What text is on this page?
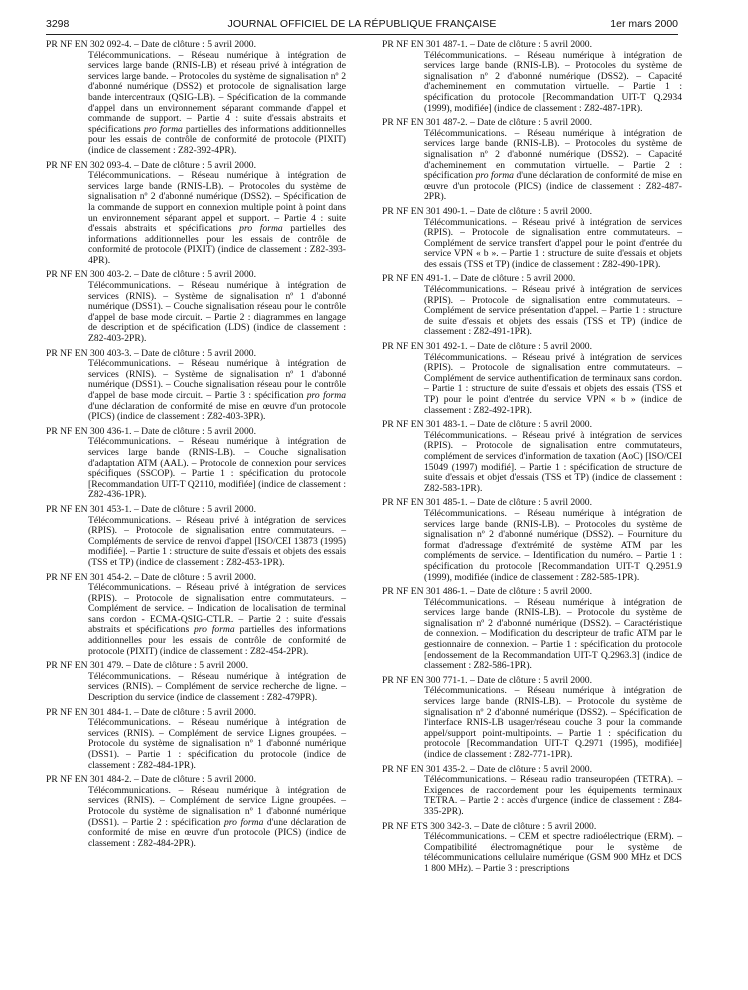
3298	JOURNAL OFFICIEL DE LA RÉPUBLIQUE FRANÇAISE	1er mars 2000
PR NF EN 302 092-4. – Date de clôture : 5 avril 2000.
Télécommunications. – Réseau numérique à intégration de services large bande (RNIS-LB) et réseau privé à intégration de services large bande. – Protocoles du système de signalisation nº 2 d'abonné numérique (DSS2) et protocole de signalisation large bande intercentraux (QSIG-LB). – Spécification de la commande d'appel dans un environnement séparant commande d'appel et commande de support. – Partie 4 : suite d'essais abstraits et spécifications pro forma partielles des informations additionnelles pour les essais de contrôle de conformité de protocole (PIXIT) (indice de classement : Z82-392-4PR).
PR NF EN 302 093-4. – Date de clôture : 5 avril 2000.
Télécommunications. – Réseau numérique à intégration de services large bande (RNIS-LB). – Protocoles du système de signalisation nº 2 d'abonné numérique (DSS2). – Spécification de la commande de support en connexion multiple point à point dans un environnement séparant appel et support. – Partie 4 : suite d'essais abstraits et spécifications pro forma partielles des informations additionnelles pour les essais de contrôle de conformité de protocole (PIXIT) (indice de classement : Z82-393-4PR).
PR NF EN 300 403-2. – Date de clôture : 5 avril 2000.
Télécommunications. – Réseau numérique à intégration de services (RNIS). – Système de signalisation nº 1 d'abonné numérique (DSS1). – Couche signalisation réseau pour le contrôle d'appel de base mode circuit. – Partie 2 : diagrammes en langage de description et de spécification (LDS) (indice de classement : Z82-403-2PR).
PR NF EN 300 403-3. – Date de clôture : 5 avril 2000.
Télécommunications. – Réseau numérique à intégration de services (RNIS). – Système de signalisation nº 1 d'abonné numérique (DSS1). – Couche signalisation réseau pour le contrôle d'appel de base mode circuit. – Partie 3 : spécification pro forma d'une déclaration de conformité de mise en œuvre d'un protocole (PICS) (indice de classement : Z82-403-3PR).
PR NF EN 300 436-1. – Date de clôture : 5 avril 2000.
Télécommunications. – Réseau numérique à intégration de services large bande (RNIS-LB). – Couche signalisation d'adaptation ATM (AAL). – Protocole de connexion pour services spécifiques (SSCOP). – Partie 1 : spécification du protocole [Recommandation UIT-T Q2110, modifiée] (indice de classement : Z82-436-1PR).
PR NF EN 301 453-1. – Date de clôture : 5 avril 2000.
Télécommunications. – Réseau privé à intégration de services (RPIS). – Protocole de signalisation entre commutateurs. – Compléments de service de renvoi d'appel [ISO/CEI 13873 (1995) modifiée]. – Partie 1 : structure de suite d'essais et objets des essais (TSS et TP) (indice de classement : Z82-453-1PR).
PR NF EN 301 454-2. – Date de clôture : 5 avril 2000.
Télécommunications. – Réseau privé à intégration de services (RPIS). – Protocole de signalisation entre commutateurs. – Complément de service. – Indication de localisation de terminal sans cordon - ECMA-QSIG-CTLR. – Partie 2 : suite d'essais abstraits et spécifications pro forma partielles des informations additionnelles pour les essais de contrôle de conformité de protocole (PIXIT) (indice de classement : Z82-454-2PR).
PR NF EN 301 479. – Date de clôture : 5 avril 2000.
Télécommunications. – Réseau numérique à intégration de services (RNIS). – Complément de service recherche de ligne. – Description du service (indice de classement : Z82-479PR).
PR NF EN 301 484-1. – Date de clôture : 5 avril 2000.
Télécommunications. – Réseau numérique à intégration de services (RNIS). – Complément de service Lignes groupées. – Protocole du système de signalisation nº 1 d'abonné numérique (DSS1). – Partie 1 : spécification du protocole (indice de classement : Z82-484-1PR).
PR NF EN 301 484-2. – Date de clôture : 5 avril 2000.
Télécommunications. – Réseau numérique à intégration de services (RNIS). – Complément de service Ligne groupées. – Protocole du système de signalisation nº 1 d'abonné numérique (DSS1). – Partie 2 : spécification pro forma d'une déclaration de conformité de mise en œuvre d'un protocole (PICS) (indice de classement : Z82-484-2PR).
PR NF EN 301 487-1. – Date de clôture : 5 avril 2000.
Télécommunications. – Réseau numérique à intégration de services large bande (RNIS-LB). – Protocoles du système de signalisation nº 2 d'abonné numérique (DSS2). – Capacité d'acheminement en commutation virtuelle. – Partie 1 : spécification du protocole [Recommandation UIT-T Q.2934 (1999), modifiée] (indice de classement : Z82-487-1PR).
PR NF EN 301 487-2. – Date de clôture : 5 avril 2000.
Télécommunications. – Réseau numérique à intégration de services large bande (RNIS-LB). – Protocoles du système de signalisation nº 2 d'abonné numérique (DSS2). – Capacité d'acheminement en commutation virtuelle. – Partie 2 : spécification pro forma d'une déclaration de conformité de mise en œuvre d'un protocole (PICS) (indice de classement : Z82-487-2PR).
PR NF EN 301 490-1. – Date de clôture : 5 avril 2000.
Télécommunications. – Réseau privé à intégration de services (RPIS). – Protocole de signalisation entre commutateurs. – Complément de service transfert d'appel pour le point d'entrée du service VPN « b ». – Partie 1 : structure de suite d'essais et objets des essais (TSS et TP) (indice de classement : Z82-490-1PR).
PR NF EN 491-1. – Date de clôture : 5 avril 2000.
Télécommunications. – Réseau privé à intégration de services (RPIS). – Protocole de signalisation entre commutateurs. – Complément de service présentation d'appel. – Partie 1 : structure de suite d'essais et objets des essais (TSS et TP) (indice de classement : Z82-491-1PR).
PR NF EN 301 492-1. – Date de clôture : 5 avril 2000.
Télécommunications. – Réseau privé à intégration de services (RPIS). – Protocole de signalisation entre commutateurs. – Complément de service authentification de terminaux sans cordon. – Partie 1 : structure de suite d'essais et objets des essais (TSS et TP) pour le point d'entrée du service VPN « b » (indice de classement : Z82-492-1PR).
PR NF EN 301 483-1. – Date de clôture : 5 avril 2000.
Télécommunications. – Réseau privé à intégration de services (RPIS). – Protocole de signalisation entre commutateurs, complément de services d'information de taxation (AoC) [ISO/CEI 15049 (1997) modifié]. – Partie 1 : spécification de structure de suite d'essais et objet d'essais (TSS et TP) (indice de classement : Z82-583-1PR).
PR NF EN 301 485-1. – Date de clôture : 5 avril 2000.
Télécommunications. – Réseau numérique à intégration de services large bande (RNIS-LB). – Protocoles du système de signalisation nº 2 d'abonné numérique (DSS2). – Fourniture du format d'adressage d'extrémité de système ATM par les compléments de service. – Identification du numéro. – Partie 1 : spécification du protocole [Recommandation UIT-T Q.2951.9 (1999), modifiée (indice de classement : Z82-585-1PR).
PR NF EN 301 486-1. – Date de clôture : 5 avril 2000.
Télécommunications. – Réseau numérique à intégration de services large bande (RNIS-LB). – Protocole du système de signalisation nº 2 d'abonné numérique (DSS2). – Caractéristique de connexion. – Modification du descripteur de trafic ATM par le gestionnaire de connexion. – Partie 1 : spécification du protocole [endossement de la Recommandation UIT-T Q.2963.3] (indice de classement : Z82-586-1PR).
PR NF EN 300 771-1. – Date de clôture : 5 avril 2000.
Télécommunications. – Réseau numérique à intégration de services large bande (RNIS-LB). – Protocole du système de signalisation nº 2 d'abonné numérique (DSS2). – Spécification de l'interface RNIS-LB usager/réseau couche 3 pour la commande appel/support point-multipoints. – Partie 1 : spécification du protocole [Recommandation UIT-T Q.2971 (1995), modifiée] (indice de classement : Z82-771-1PR).
PR NF EN 301 435-2. – Date de clôture : 5 avril 2000.
Télécommunications. – Réseau radio transeuropéen (TETRA). – Exigences de raccordement pour les équipements terminaux TETRA. – Partie 2 : accès d'urgence (indice de classement : Z84-335-2PR).
PR NF ETS 300 342-3. – Date de clôture : 5 avril 2000.
Télécommunications. – CEM et spectre radioélectrique (ERM). – Compatibilité électromagnétique pour le système de télécommunications cellulaire numérique (GSM 900 MHz et DCS 1 800 MHz). – Partie 3 : prescriptions
